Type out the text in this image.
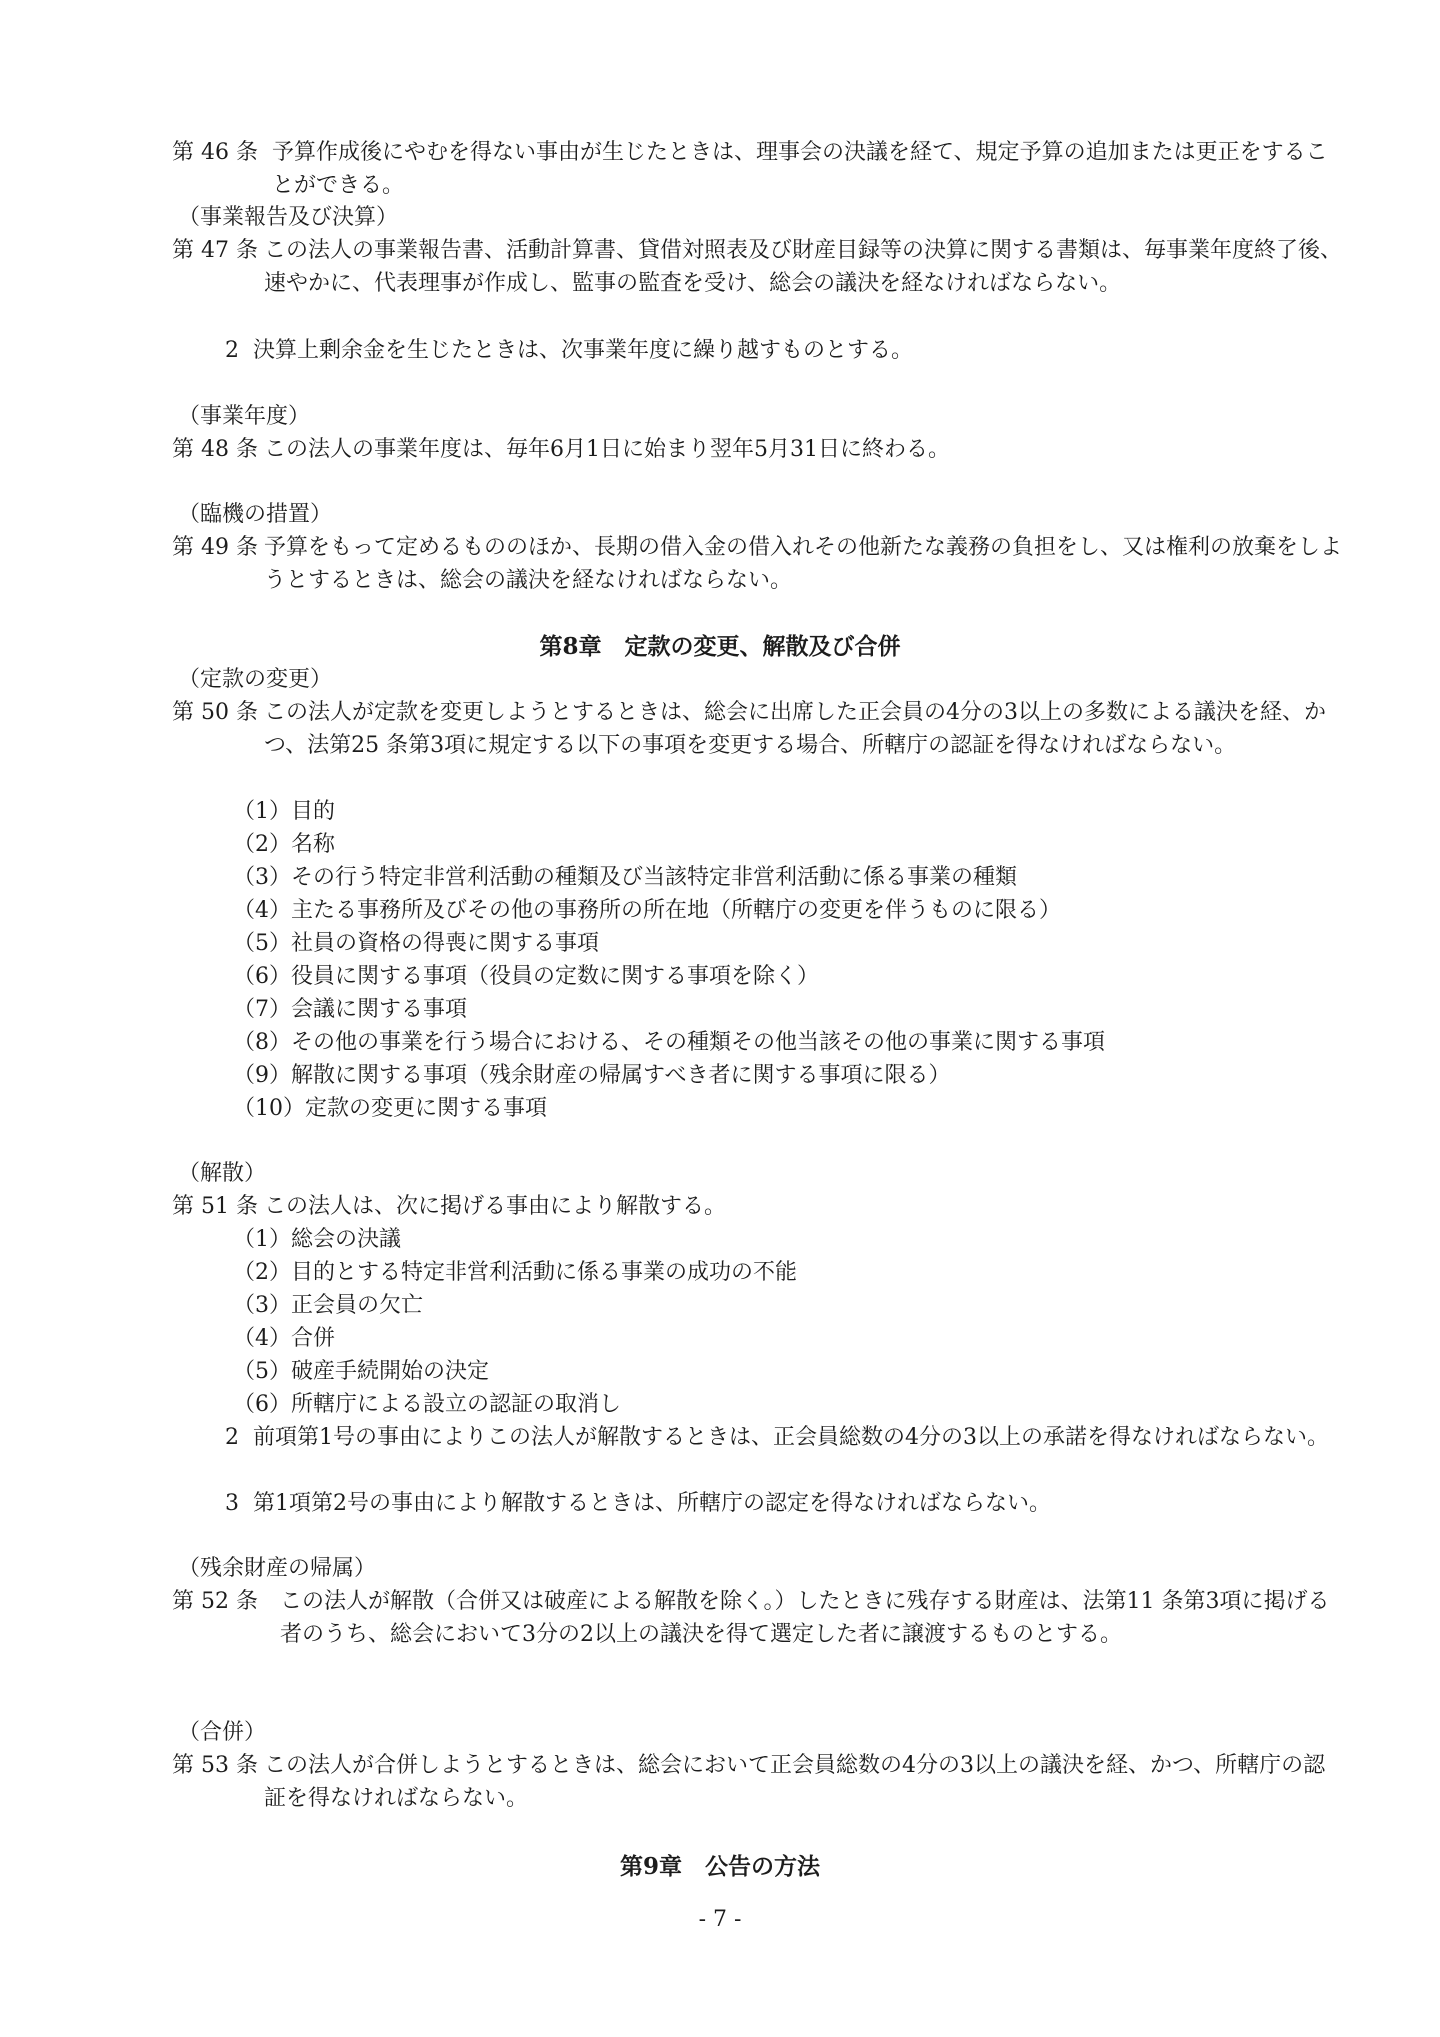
第 46 条 予算作成後にやむを得ない事由が生じたときは、理事会の決議を経て、規定予算の追加または更正をすることができる。
（事業報告及び決算）
第 47 条 この法人の事業報告書、活動計算書、貸借対照表及び財産目録等の決算に関する書類は、毎事業年度終了後、速やかに、代表理事が作成し、監事の監査を受け、総会の議決を経なければならない。
2 決算上剰余金を生じたときは、次事業年度に繰り越すものとする。
（事業年度）
第 48 条 この法人の事業年度は、毎年6月1日に始まり翌年5月31日に終わる。
（臨機の措置）
第 49 条 予算をもって定めるもののほか、長期の借入金の借入れその他新たな義務の負担をし、又は権利の放棄をしようとするときは、総会の議決を経なければならない。
第8章　定款の変更、解散及び合併
（定款の変更）
第 50 条 この法人が定款を変更しようとするときは、総会に出席した正会員の4分の3以上の多数による議決を経、かつ、法第25 条第3項に規定する以下の事項を変更する場合、所轄庁の認証を得なければならない。
（1）目的
（2）名称
（3）その行う特定非営利活動の種類及び当該特定非営利活動に係る事業の種類
（4）主たる事務所及びその他の事務所の所在地（所轄庁の変更を伴うものに限る）
（5）社員の資格の得喪に関する事項
（6）役員に関する事項（役員の定数に関する事項を除く）
（7）会議に関する事項
（8）その他の事業を行う場合における、その種類その他当該その他の事業に関する事項
（9）解散に関する事項（残余財産の帰属すべき者に関する事項に限る）
（10）定款の変更に関する事項
（解散）
第 51 条 この法人は、次に掲げる事由により解散する。
（1）総会の決議
（2）目的とする特定非営利活動に係る事業の成功の不能
（3）正会員の欠亡
（4）合併
（5）破産手続開始の決定
（6）所轄庁による設立の認証の取消し
2 前項第1号の事由によりこの法人が解散するときは、正会員総数の4分の3以上の承諾を得なければならない。
3 第1項第2号の事由により解散するときは、所轄庁の認定を得なければならない。
（残余財産の帰属）
第 52 条 この法人が解散（合併又は破産による解散を除く。）したときに残存する財産は、法第11 条第3項に掲げる者のうち、総会において3分の2以上の議決を得て選定した者に譲渡するものとする。
（合併）
第 53 条 この法人が合併しようとするときは、総会において正会員総数の4分の3以上の議決を経、かつ、所轄庁の認証を得なければならない。
第9章　公告の方法
- 7 -
